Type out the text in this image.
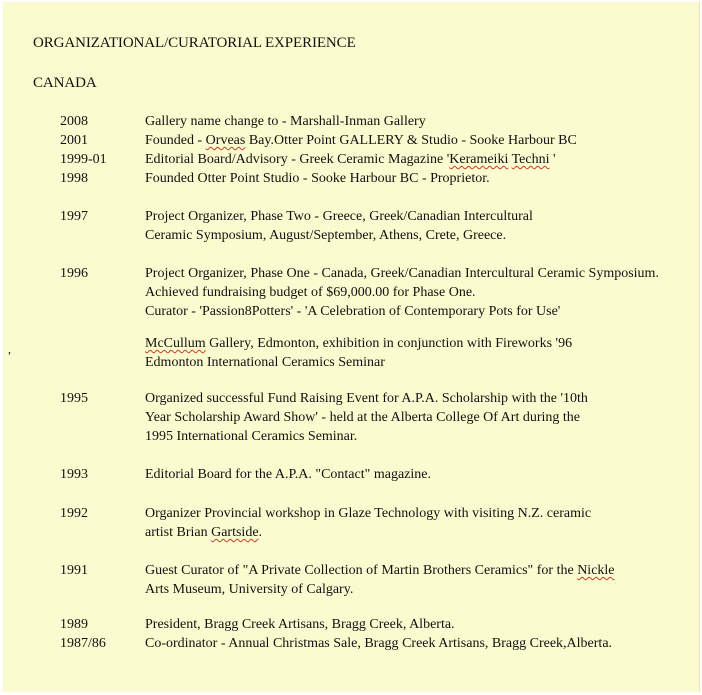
ORGANIZATIONAL/CURATORIAL EXPERIENCE
CANADA
,
2008	Gallery name change to - Marshall-Inman Gallery
2001	Founded - Orveas Bay.Otter Point GALLERY & Studio - Sooke Harbour BC
1999-01	Editorial Board/Advisory - Greek Ceramic Magazine 'Kerameiki Techni '
1998	Founded Otter Point Studio - Sooke Harbour BC - Proprietor.
1997	Project Organizer, Phase Two - Greece, Greek/Canadian Intercultural
Ceramic Symposium, August/September, Athens, Crete, Greece.
1996	Project Organizer, Phase One - Canada, Greek/Canadian Intercultural Ceramic Symposium.
Achieved fundraising budget of $69,000.00 for Phase One.
Curator - 'Passion8Potters' - 'A Celebration of Contemporary Pots for Use'
McCullum Gallery, Edmonton, exhibition in conjunction with Fireworks '96
Edmonton International Ceramics Seminar
1995	Organized successful Fund Raising Event for A.P.A. Scholarship with the '10th
Year Scholarship Award Show' - held at the Alberta College Of Art during the
1995 International Ceramics Seminar.
1993	Editorial Board for the A.P.A. "Contact" magazine.
1992	Organizer Provincial workshop in Glaze Technology with visiting N.Z. ceramic
artist Brian Gartside.
1991	Guest Curator of "A Private Collection of Martin Brothers Ceramics" for the Nickle
Arts Museum, University of Calgary.
1989	President, Bragg Creek Artisans, Bragg Creek, Alberta.
1987/86	Co-ordinator - Annual Christmas Sale, Bragg Creek Artisans, Bragg Creek,Alberta.
